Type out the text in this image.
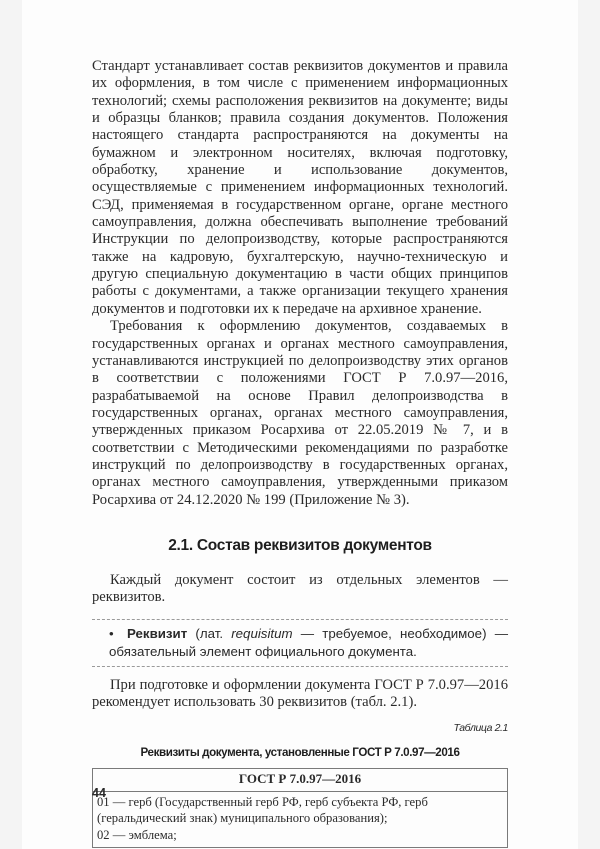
Стандарт устанавливает состав реквизитов документов и правила их оформления, в том числе с применением информационных технологий; схемы расположения реквизитов на документе; виды и образцы бланков; правила создания документов. Положения настоящего стандарта распространяются на документы на бумажном и электронном носителях, включая подготовку, обработку, хранение и использование документов, осуществляемые с применением информационных технологий. СЭД, применяемая в государственном органе, органе местного самоуправления, должна обеспечивать выполнение требований Инструкции по делопроизводству, которые распространяются также на кадровую, бухгалтерскую, научно-техническую и другую специальную документацию в части общих принципов работы с документами, а также организации текущего хранения документов и подготовки их к передаче на архивное хранение.

Требования к оформлению документов, создаваемых в государственных органах и органах местного самоуправления, устанавливаются инструкцией по делопроизводству этих органов в соответствии с положениями ГОСТ Р 7.0.97—2016, разрабатываемой на основе Правил делопроизводства в государственных органах, органах местного самоуправления, утвержденных приказом Росархива от 22.05.2019 № 7, и в соответствии с Методическими рекомендациями по разработке инструкций по делопроизводству в государственных органах, органах местного самоуправления, утвержденными приказом Росархива от 24.12.2020 № 199 (Приложение № 3).

2.1. Состав реквизитов документов

Каждый документ состоит из отдельных элементов — реквизитов.

• Реквизит (лат. requisitum — требуемое, необходимое) — обязательный элемент официального документа.

При подготовке и оформлении документа ГОСТ Р 7.0.97—2016 рекомендует использовать 30 реквизитов (табл. 2.1).

Таблица 2.1
Реквизиты документа, установленные ГОСТ Р 7.0.97—2016
ГОСТ Р 7.0.97—2016

01 — герб (Государственный герб РФ, герб субъекта РФ, герб (геральдический знак) муниципального образования);
02 — эмблема;
44
